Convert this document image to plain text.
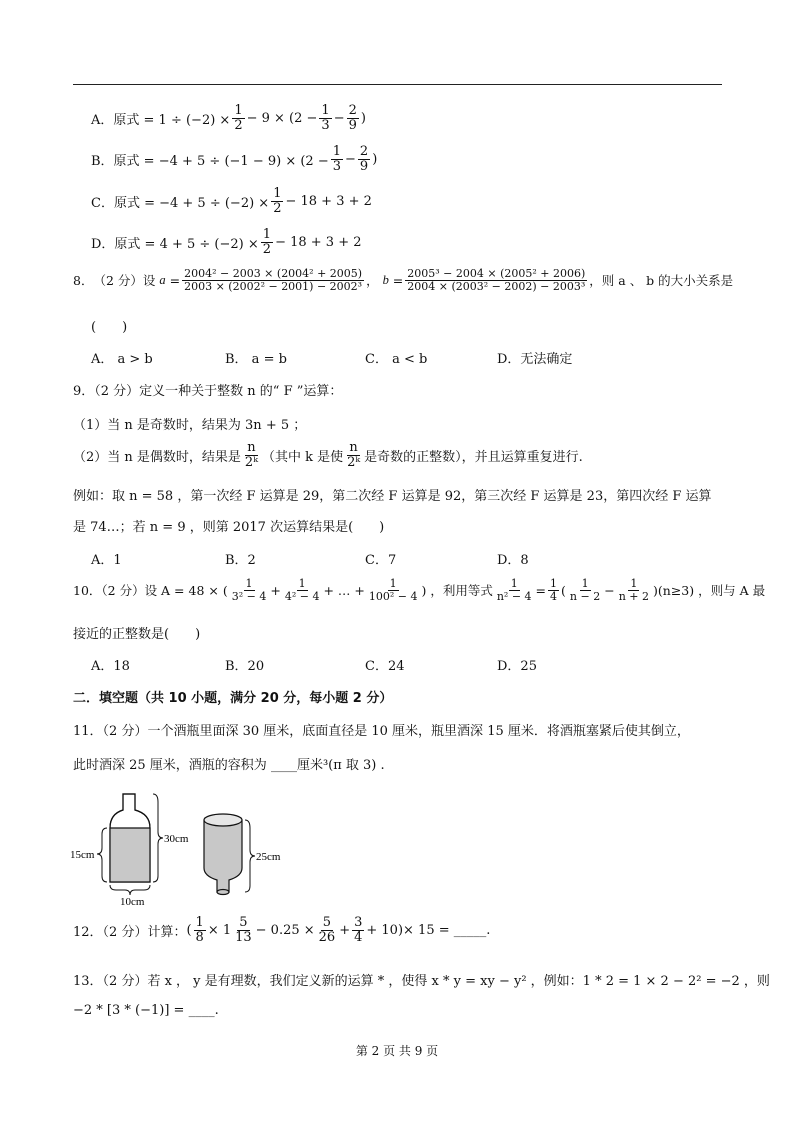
A．原式 = $1 \div (-2) \times \frac{1}{2} - 9 \times (2 - \frac{1}{3} - \frac{2}{9}$ )
B．原式 = $-4 + 5 \div (-1 - 9) \times (2 - \frac{1}{3} - \frac{2}{9}$ )
C．原式 = $-4 + 5 \div (-2) \times \frac{1}{2} - 18 + 3 + 2$
D．原式 = $4 + 5 \div (-2) \times \frac{1}{2} - 18 + 3 + 2$
8． （2 分）设
$a = \frac{\text{2004² − 2003 × (2004² + 2005)}}{\text{2003 × (2002² − 2001) − 2002³}}$ ， $b = \frac{\text{2005³ − 2004 × (2005² + 2006)}}{\text{2004 × (2003² − 2002) − 2003³}}$ ，则 a 、 b 的大小关系是
(　　)
A． a > b	B． a = b	C． a < b	D．无法确定
9．（2 分）定义一种关于整数 n 的“ F ”运算：
（1）当 n 是奇数时，结果为 3n + 5 ；
（2）当 n 是偶数时，结果是 $\frac{n}{\text{2ᵏ}}$ （其中 k 是使 $\frac{n}{\text{2ᵏ}}$ 是奇数的正整数），并且运算重复进行.
例如：取 n = 58 ，第一次经 F 运算是 29，第二次经 F 运算是 92，第三次经 F 运算是 23，第四次经 F 运算
是 74…；若 n = 9 ，则第 2017 次运算结果是(　　)
A．1	B．2	C．7	D．8
10．（2 分）设 A = 48 × ( $\frac{1}{\text{3² − 4}} + \frac{1}{\text{4² − 4}}$ + … + $\frac{1}{\text{100² − 4}}$ ) ，利用等式 $\frac{1}{\text{n² − 4}} = \frac{1}{4}$ ( $\frac{1}{n - 2} - \frac{1}{n + 2}$ ) (n≥3) ，则与 A 最
接近的正整数是(　　)
A．18	B．20	C．24	D．25
二．填空题（共 10 小题，满分 20 分，每小题 2 分）
11．（2 分）一个酒瓶里面深 30 厘米，底面直径是 10 厘米，瓶里酒深 15 厘米．将酒瓶塞紧后使其倒立，
此时酒深 25 厘米，酒瓶的容积为 ____厘米³(π 取 3) .
30cm
15cm
10cm
25cm
12．（2 分）计算： ( $\frac{1}{8} \times 1 \frac{5}{13} - 0.25 \times \frac{5}{26} + \frac{3}{4} + 10) \times 15$ = _____.
13．（2 分）若 x ， y 是有理数，我们定义新的运算 * ，使得 x * y = xy − y² ，例如：1 * 2 = 1 × 2 − 2² = −2 ，则
−2 * [3 * (−1)] = ____.
第 2 页 共 9 页
